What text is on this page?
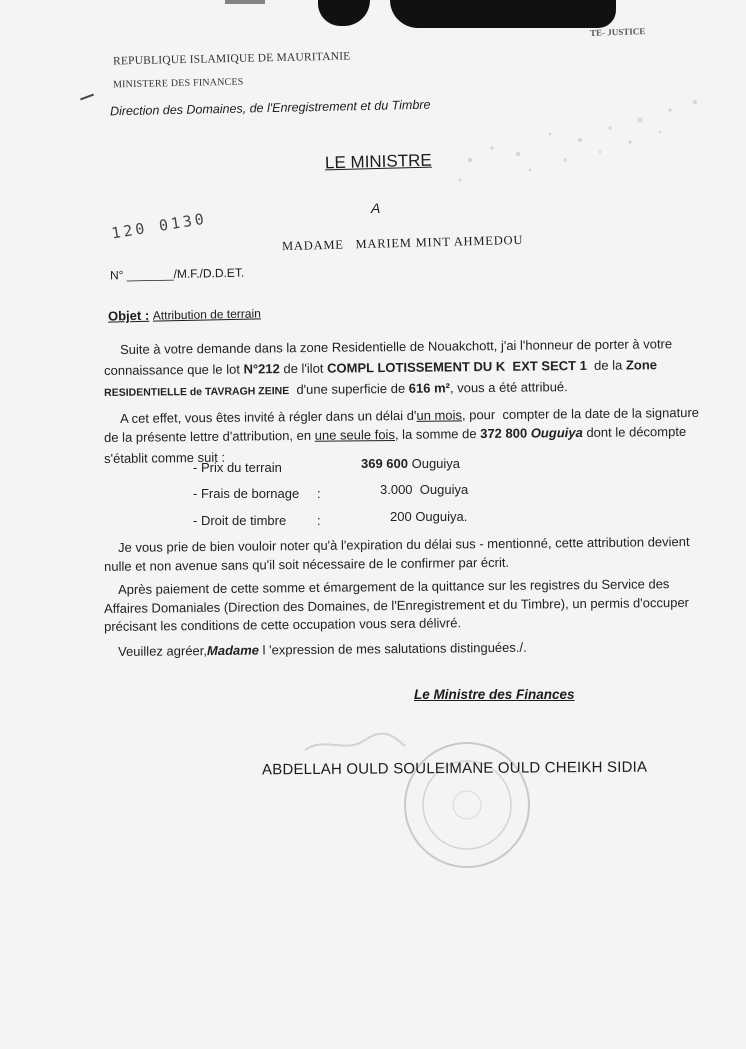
TE- JUSTICE
REPUBLIQUE ISLAMIQUE DE MAURITANIE
MINISTERE DES FINANCES
Direction des Domaines, de l'Enregistrement et du Timbre
LE MINISTRE
A
120 0130
MADAME   MARIEM MINT AHMEDOU
N° _______/M.F./D.D.ET.
Objet : Attribution de terrain
Suite à votre demande dans la zone Residentielle de Nouakchott, j'ai l'honneur de porter à votre
connaissance que le lot N°212 de l'ilot COMPL LOTISSEMENT DU K  EXT SECT 1  de la Zone
RESIDENTIELLE de TAVRAGH ZEINE  d'une superficie de 616 m², vous a été attribué.
A cet effet, vous êtes invité à régler dans un délai d'un mois, pour  compter de la date de la signature
de la présente lettre d'attribution, en une seule fois, la somme de 372 800 Ouguiya dont le décompte
s'établit comme suit :
- Prix du terrain	369 600 Ouguiya
- Frais de bornage :	3.000  Ouguiya
- Droit de timbre :	200 Ouguiya.
Je vous prie de bien vouloir noter qu'à l'expiration du délai sus - mentionné, cette attribution devient
nulle et non avenue sans qu'il soit nécessaire de le confirmer par écrit.
Après paiement de cette somme et émargement de la quittance sur les registres du Service des
Affaires Domaniales (Direction des Domaines, de l'Enregistrement et du Timbre), un permis d'occuper
précisant les conditions de cette occupation vous sera délivré.
Veuillez agréer,Madame l 'expression de mes salutations distinguées./.
Le Ministre des Finances
ABDELLAH OULD SOULEIMANE OULD CHEIKH SIDIA
